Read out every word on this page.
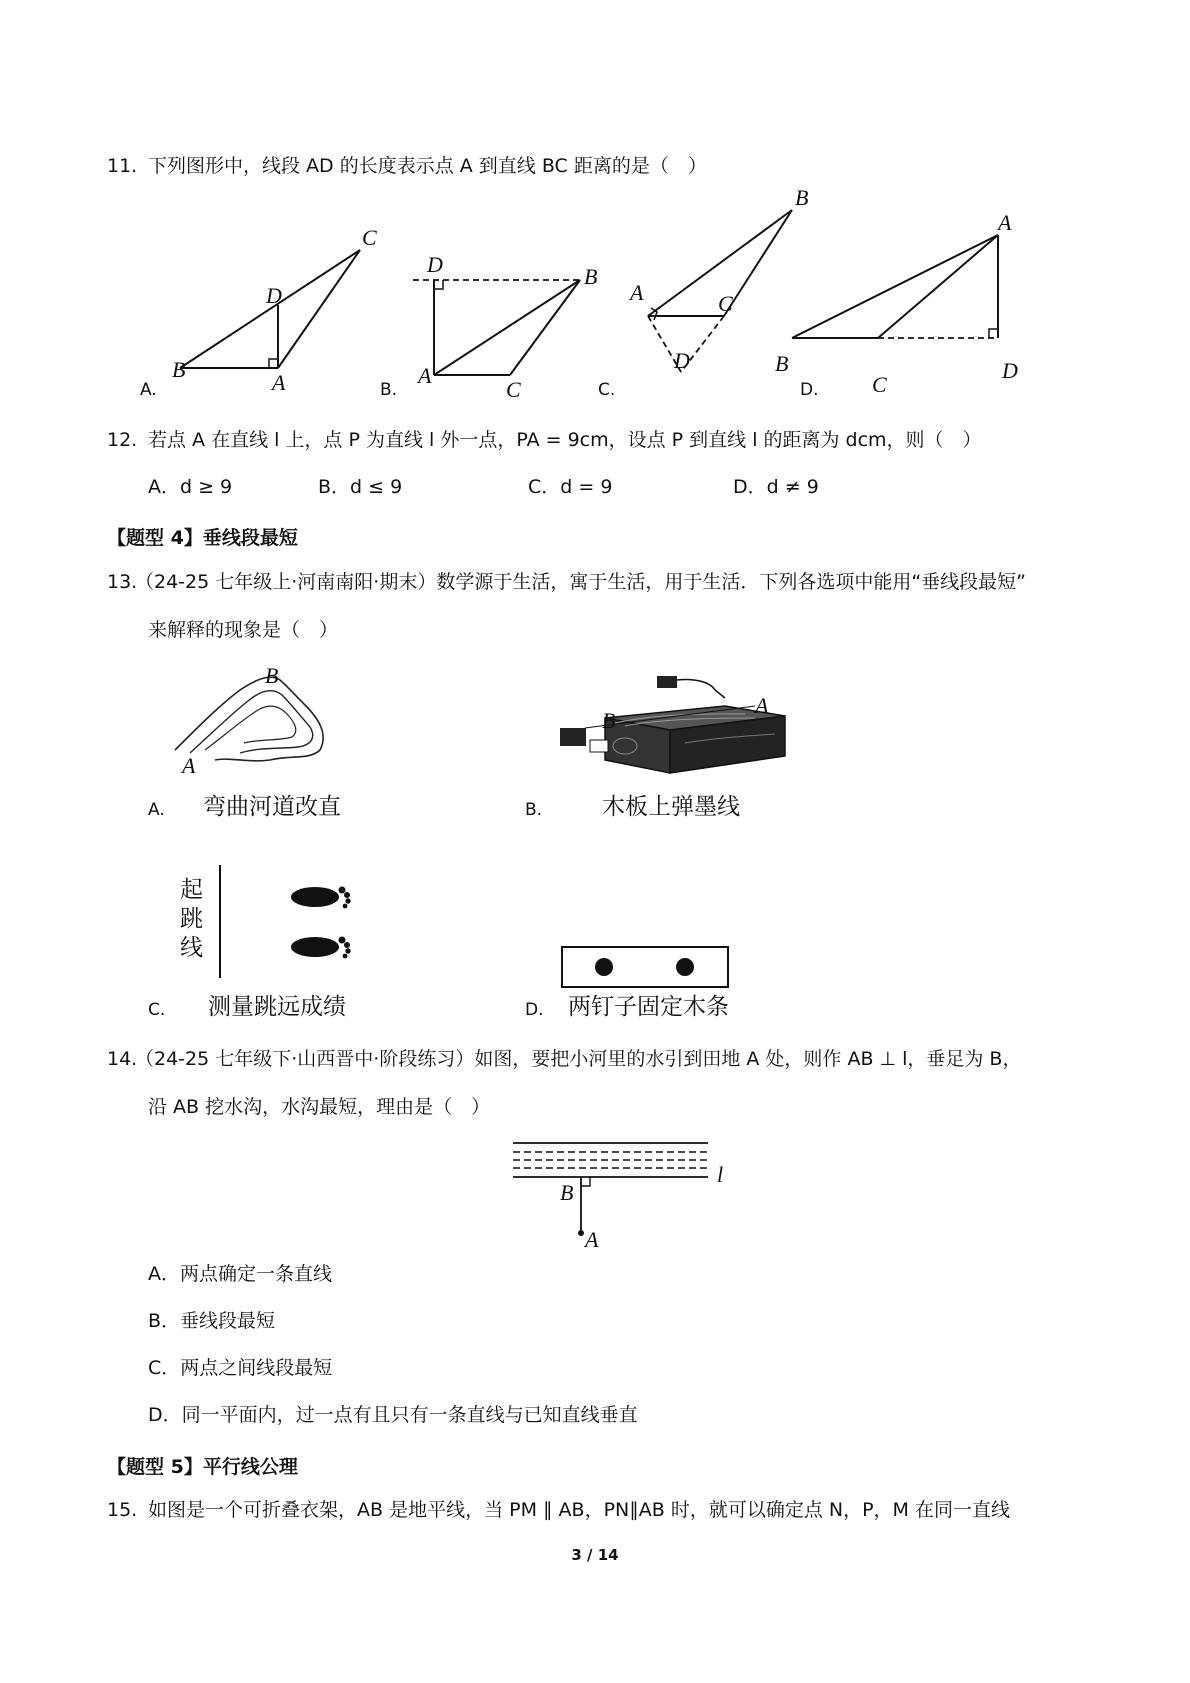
11. 下列图形中，线段 AD 的长度表示点 A 到直线 BC 距离的是（　）
B
A
D
C
D	B
A
C
B
A	C
D
A
B
C
D
A.	B.	C.	D.
12. 若点 A 在直线 l 上，点 P 为直线 l 外一点，PA = 9cm，设点 P 到直线 l 的距离为 dcm，则（　）
A．d ≥ 9	B．d ≤ 9	C．d = 9	D．d ≠ 9
【题型 4】垂线段最短
13.
（24-25 七年级上·河南南阳·期末）数学源于生活，寓于生活，用于生活．下列各选项中能用“垂线段最短”
来解释的现象是（　）
B
A
A. 弯曲河道改直
B
A
B.	木板上弹墨线
起
跳
线
C. 测量跳远成绩	D. 两钉子固定木条
14.
（24-25 七年级下·山西晋中·阶段练习）如图，要把小河里的水引到田地 A 处，则作 AB ⊥ l，垂足为 B，
沿 AB 挖水沟，水沟最短，理由是（　）
l
B
A
A．两点确定一条直线
B．垂线段最短
C．两点之间线段最短
D．同一平面内，过一点有且只有一条直线与已知直线垂直
【题型 5】平行线公理
15. 如图是一个可折叠衣架，AB 是地平线，当 PM ∥ AB，PN∥AB 时，就可以确定点 N，P，M 在同一直线
3 / 14
